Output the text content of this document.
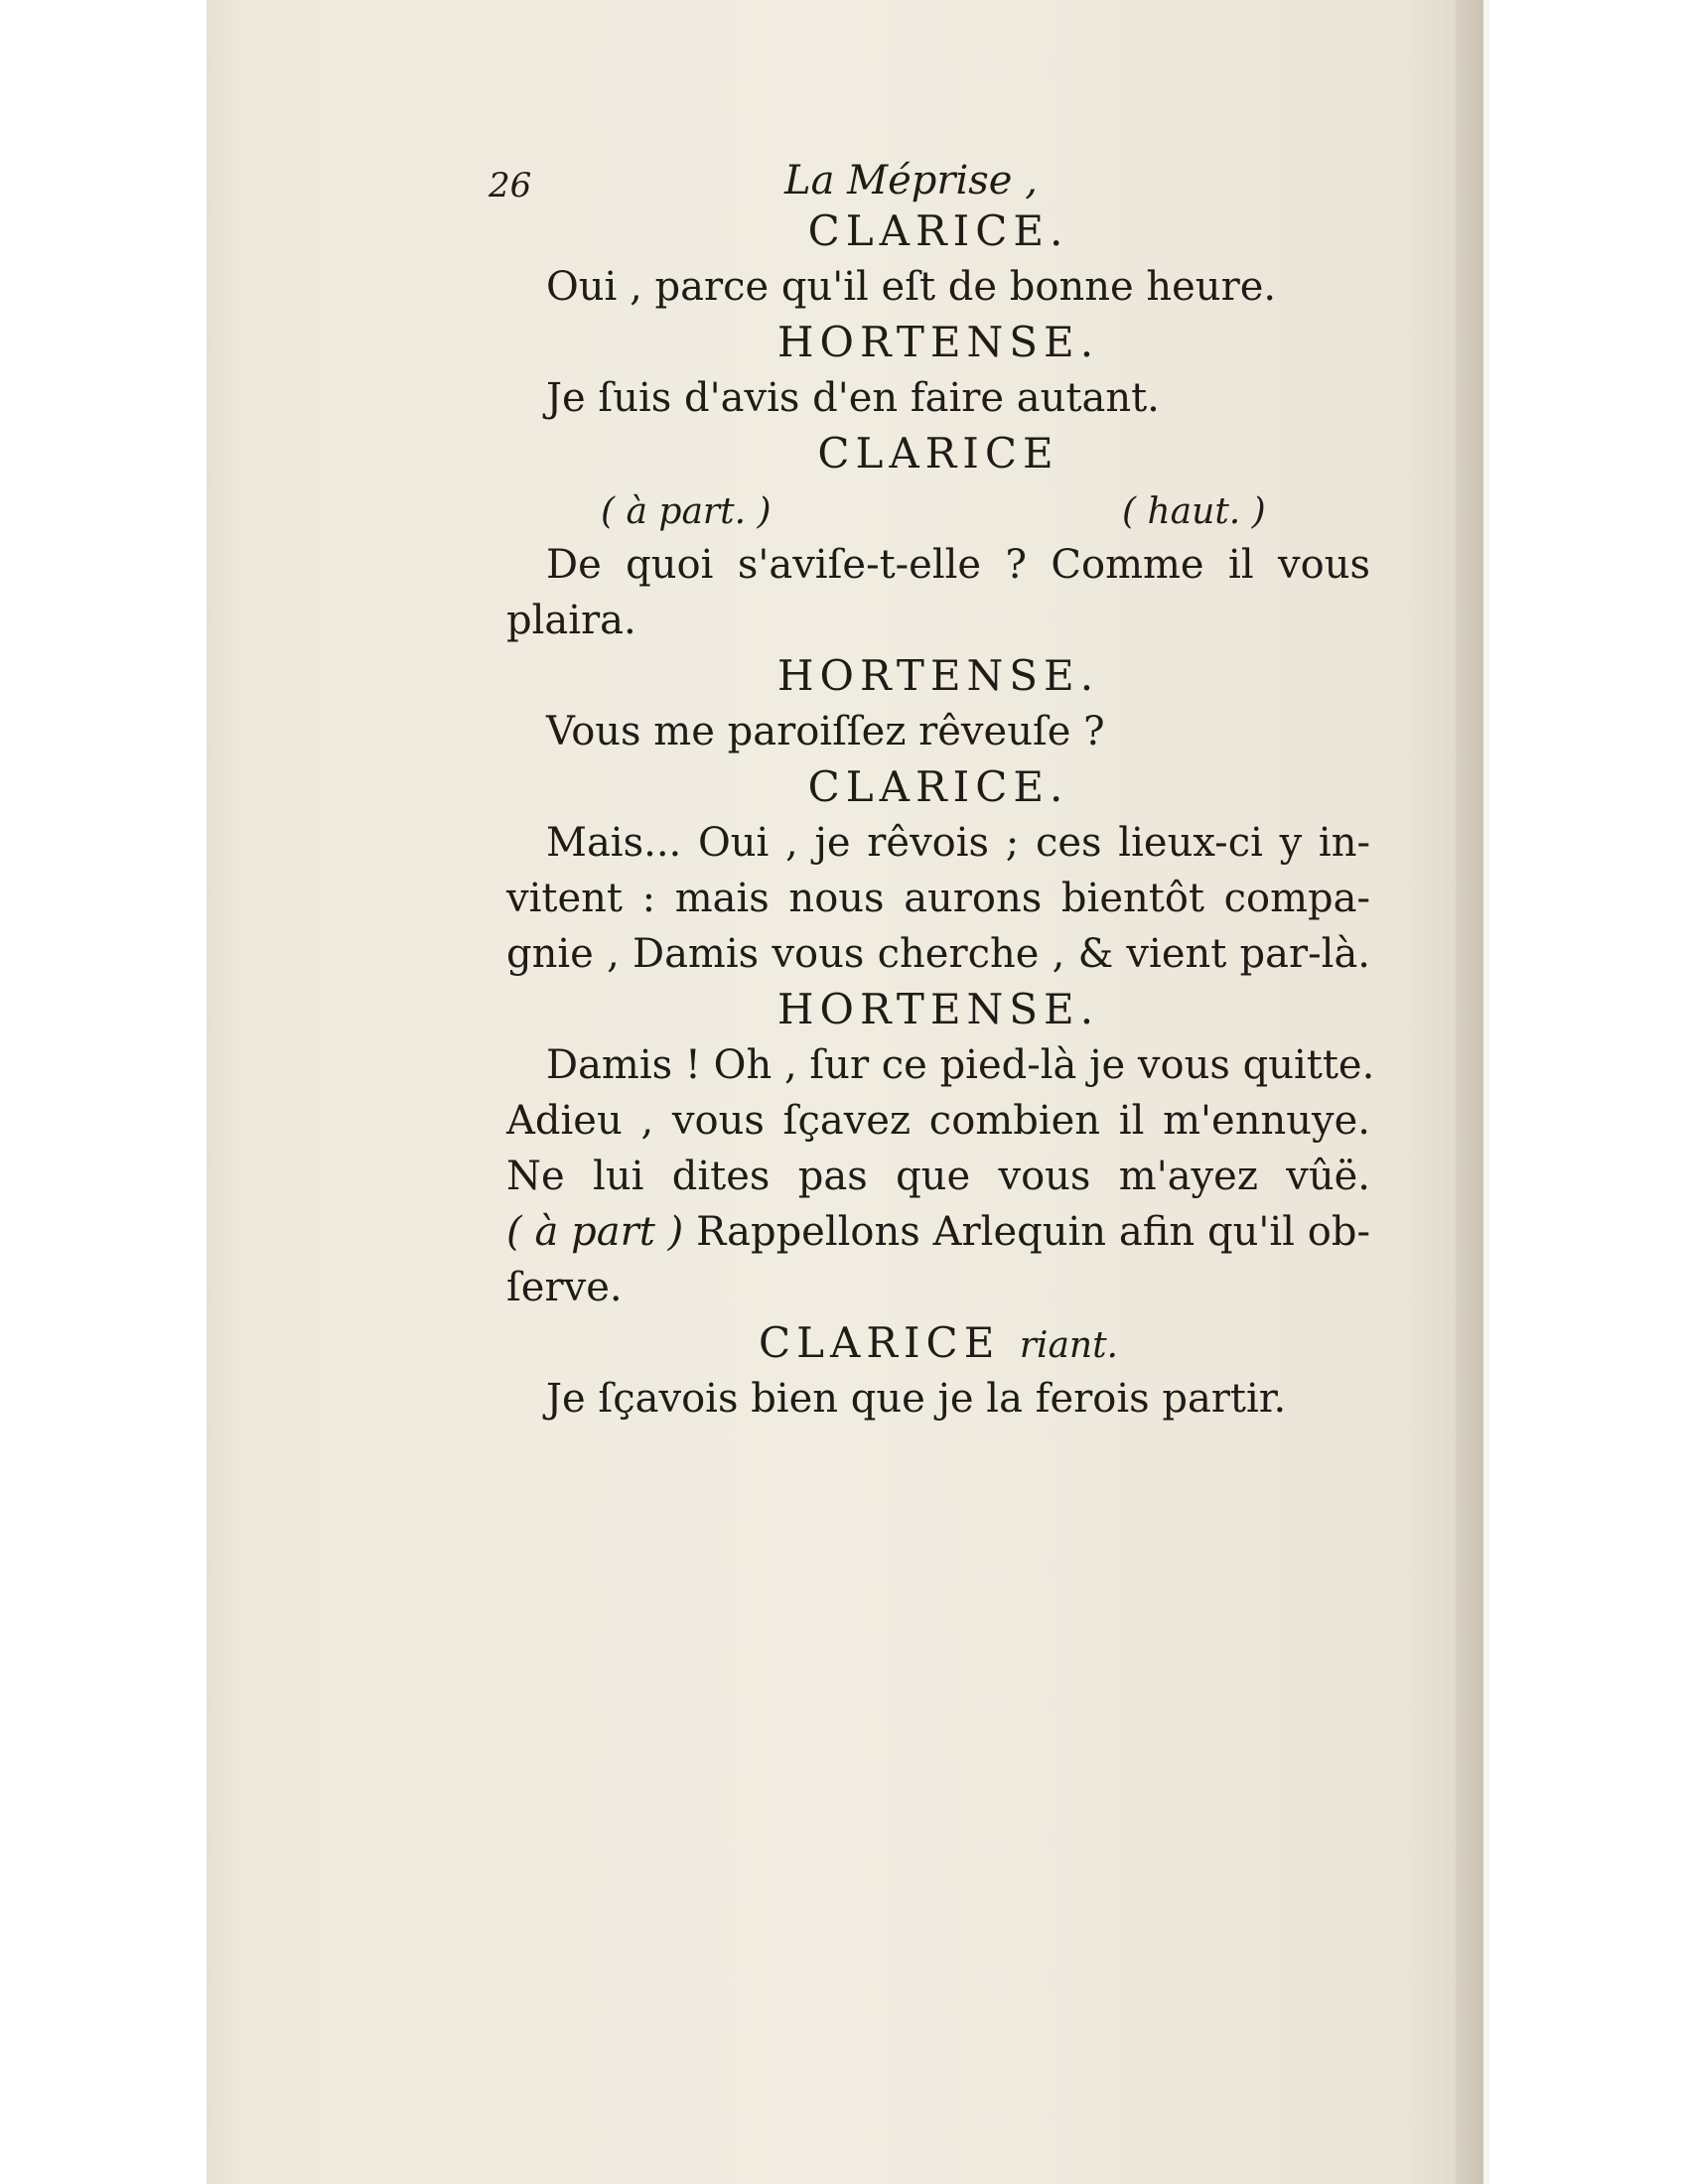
26	La Méprise ,
CLARICE.
Oui , parce qu'il eſt de bonne heure.
HORTENSE.
Je ſuis d'avis d'en faire autant.
CLARICE
( à part. )	( haut. )
De quoi s'aviſe-t-elle ? Comme il vous
plaira.
HORTENSE.
Vous me paroiſſez rêveuſe ?
CLARICE.
Mais... Oui , je rêvois ; ces lieux-ci y in-
vitent : mais nous aurons bientôt compa-
gnie , Damis vous cherche , & vient par-là.
HORTENSE.
Damis ! Oh , ſur ce pied-là je vous quitte.
Adieu , vous ſçavez combien il m'ennuye.
Ne lui dites pas que vous m'ayez vûë.
( à part ) Rappellons Arlequin afin qu'il ob-
ſerve.
CLARICE riant.
Je ſçavois bien que je la ferois partir.
